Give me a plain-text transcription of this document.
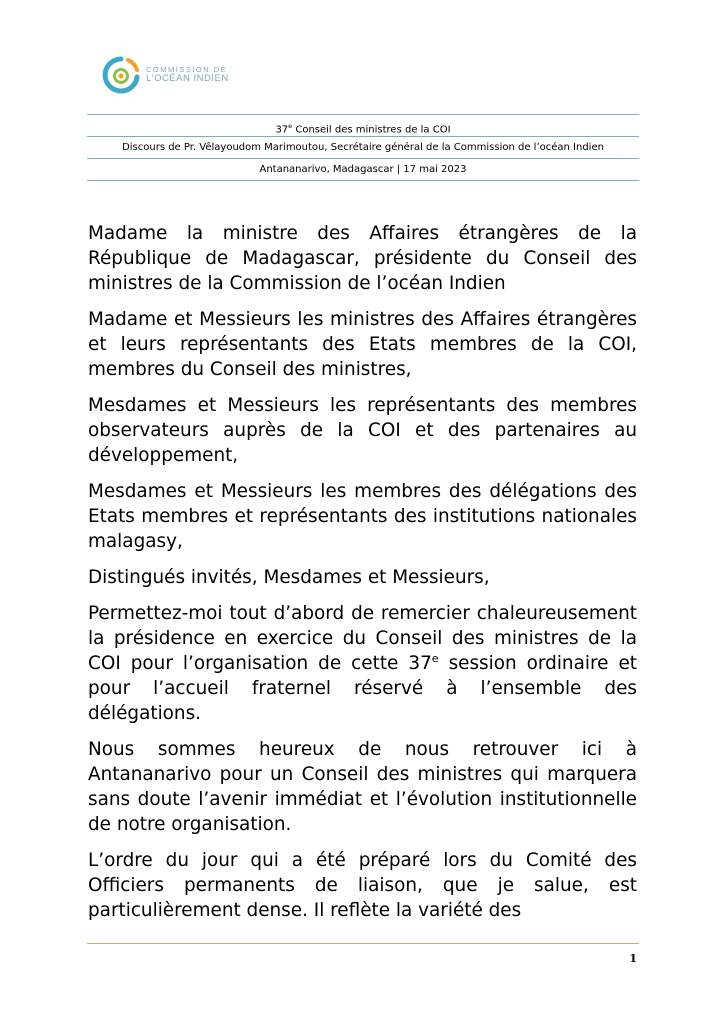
COMMISSION DE
L'OCÉAN INDIEN
37e Conseil des ministres de la COI
Discours de Pr. Vêlayoudom Marimoutou, Secrétaire général de la Commission de l’océan Indien
Antananarivo, Madagascar | 17 mai 2023

Madame la ministre des Affaires étrangères de la République de Madagascar, présidente du Conseil des ministres de la Commission de l’océan Indien

Madame et Messieurs les ministres des Affaires étrangères et leurs représentants des Etats membres de la COI, membres du Conseil des ministres,

Mesdames et Messieurs les représentants des membres observateurs auprès de la COI et des partenaires au développement,

Mesdames et Messieurs les membres des délégations des Etats membres et représentants des institutions nationales malagasy,

Distingués invités, Mesdames et Messieurs,

Permettez-moi tout d’abord de remercier chaleureusement la présidence en exercice du Conseil des ministres de la COI pour l’organisation de cette 37e session ordinaire et pour l’accueil fraternel réservé à l’ensemble des délégations.

Nous sommes heureux de nous retrouver ici à Antananarivo pour un Conseil des ministres qui marquera sans doute l’avenir immédiat et l’évolution institutionnelle de notre organisation.

L’ordre du jour qui a été préparé lors du Comité des Officiers permanents de liaison, que je salue, est particulièrement dense. Il reflète la variété des

1
